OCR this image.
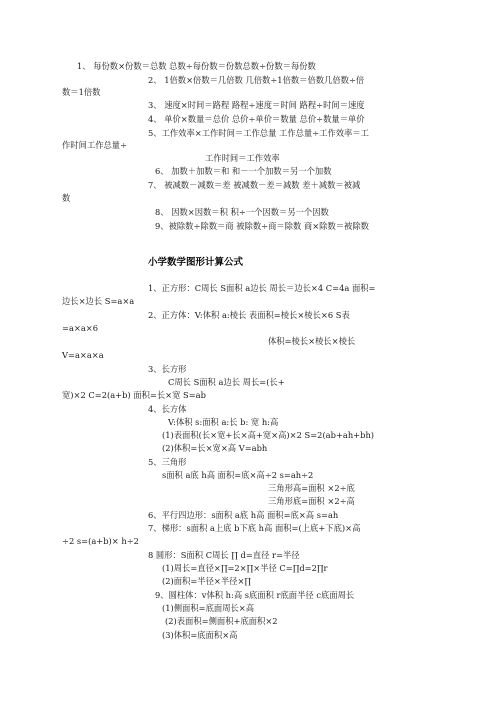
1、 每份数×份数＝总数 总数÷每份数＝份数总数÷份数＝每份数
2、 1倍数×倍数＝几倍数 几倍数÷1倍数＝倍数几倍数÷倍
数＝1倍数
3、 速度×时间＝路程 路程÷速度＝时间 路程÷时间＝速度
4、 单价×数量＝总价 总价÷单价＝数量 总价÷数量＝单价
5、工作效率×工作时间＝工作总量 工作总量÷工作效率＝工
作时间工作总量÷
工作时间＝工作效率
6、 加数＋加数＝和 和－一个加数＝另一个加数
7、 被减数－减数＝差 被减数－差＝减数 差＋减数＝被减
数
8、 因数×因数＝积 积÷一个因数＝另一个因数
9、被除数÷除数＝商 被除数÷商＝除数 商×除数＝被除数
小学数学图形计算公式
1、正方形：C周长 S面积 a边长 周长＝边长×4 C=4a 面积=
边长×边长 S=a×a
2、正方体：V:体积 a:棱长 表面积=棱长×棱长×6 S表
=a×a×6
体积=棱长×棱长×棱长
V=a×a×a
3、长方形
C周长 S面积 a边长 周长=(长+
宽)×2 C=2(a+b) 面积=长×宽 S=ab
4、长方体
V:体积 s:面积 a:长 b: 宽 h:高
(1)表面积(长×宽+长×高+宽×高)×2 S=2(ab+ah+bh)
(2)体积=长×宽×高 V=abh
5、三角形
s面积 a底 h高 面积=底×高÷2 s=ah÷2
三角形高=面积 ×2÷底
三角形底=面积 ×2÷高
6、平行四边形：s面积 a底 h高 面积=底×高 s=ah
7、梯形：s面积 a上底 b下底 h高 面积=(上底+下底)×高
÷2 s=(a+b)× h÷2
8 圆形：S面积 C周长 ∏ d=直径 r=半径
(1)周长=直径×∏=2×∏×半径 C=∏d=2∏r
(2)面积=半径×半径×∏
9、圆柱体：v体积 h:高 s底面积 r底面半径 c底面周长
(1)侧面积=底面周长×高
(2)表面积=侧面积+底面积×2
(3)体积=底面积×高
